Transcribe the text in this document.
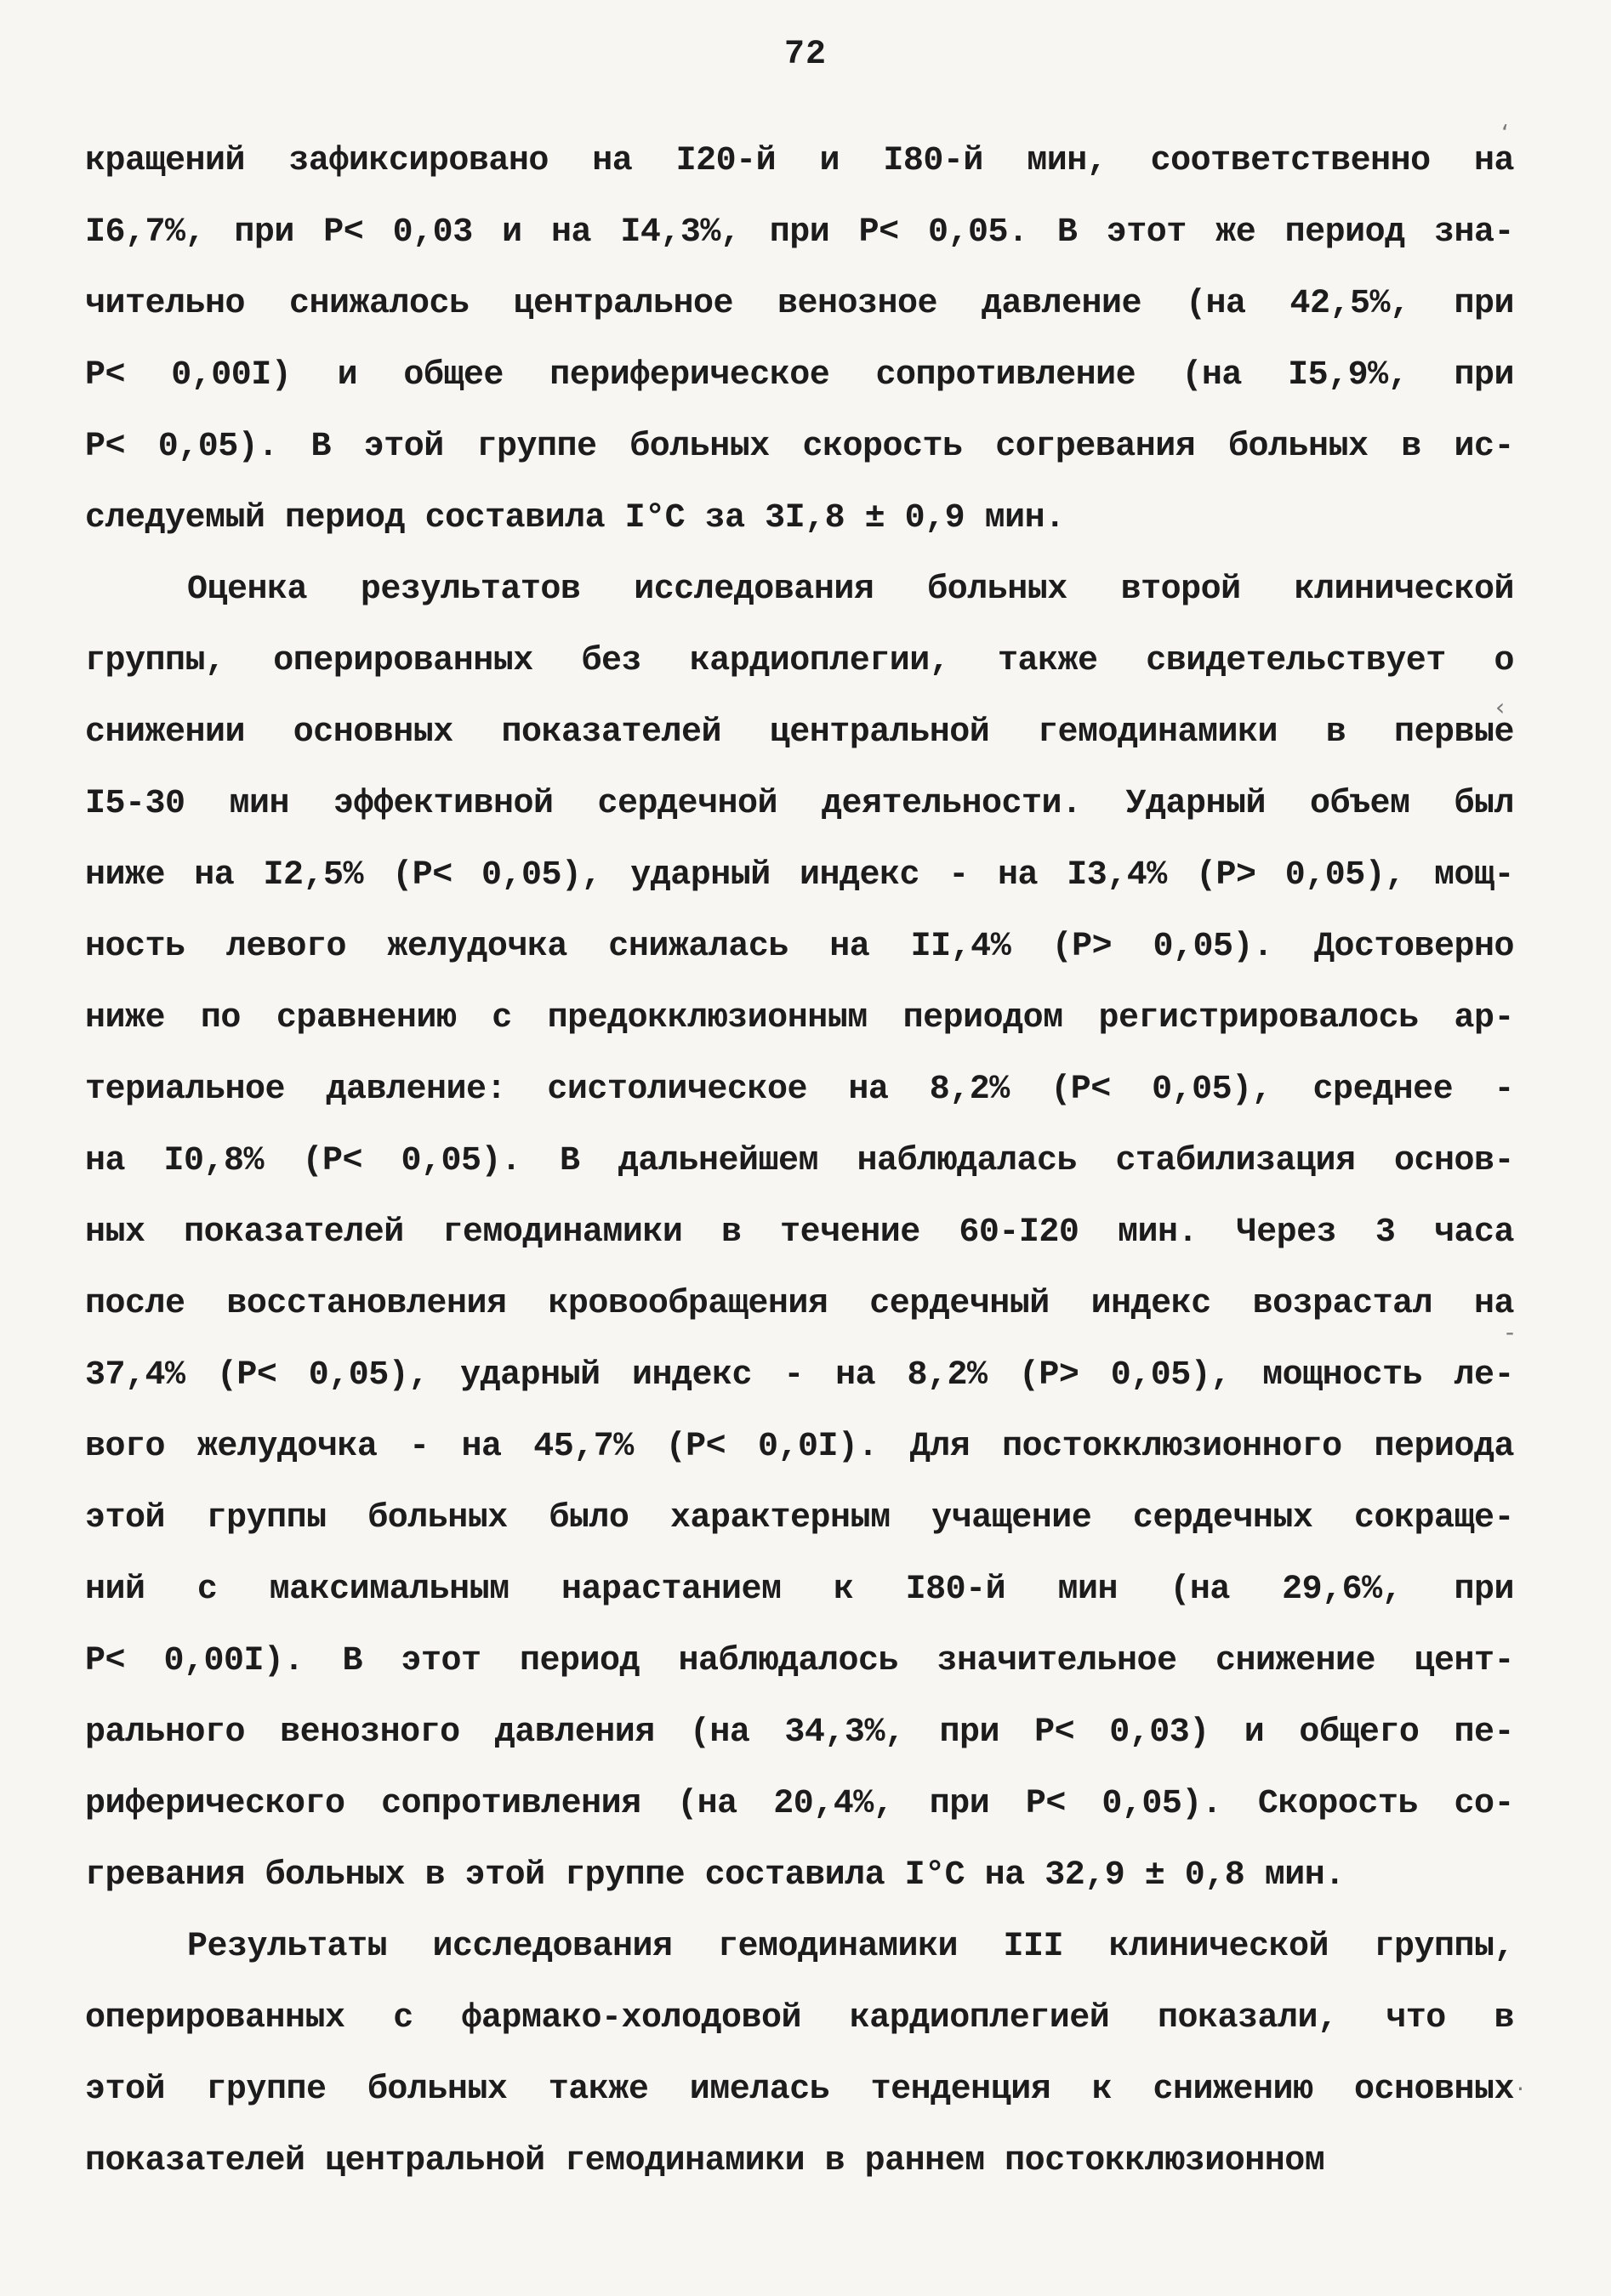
72
кращений зафиксировано на I20-й и I80-й мин, соответственно на
I6,7%, при P< 0,03 и на I4,3%, при P< 0,05. В этот же период зна-
чительно снижалось центральное венозное давление (на 42,5%, при
P< 0,00I) и общее периферическое сопротивление (на I5,9%, при
P< 0,05). В этой группе больных скорость согревания больных в ис-
следуемый период составила I°C за 3I,8 ± 0,9 мин.
Оценка результатов исследования больных второй клинической
группы, оперированных без кардиоплегии, также свидетельствует о
снижении основных показателей центральной гемодинамики в первые
I5-30 мин эффективной сердечной деятельности. Ударный объем был
ниже на I2,5% (P< 0,05), ударный индекс - на I3,4% (P> 0,05), мощ-
ность левого желудочка снижалась на II,4% (P> 0,05). Достоверно
ниже по сравнению с предокклюзионным периодом регистрировалось ар-
териальное давление: систолическое на 8,2% (P< 0,05), среднее -
на I0,8% (P< 0,05). В дальнейшем наблюдалась стабилизация основ-
ных показателей гемодинамики в течение 60-I20 мин. Через 3 часа
после восстановления кровообращения сердечный индекс возрастал на
37,4% (P< 0,05), ударный индекс - на 8,2% (P> 0,05), мощность ле-
вого желудочка - на 45,7% (P< 0,0I). Для постокклюзионного периода
этой группы больных было характерным учащение сердечных сокраще-
ний с максимальным нарастанием к I80-й мин (на 29,6%, при
P< 0,00I). В этот период наблюдалось значительное снижение цент-
рального венозного давления (на 34,3%, при P< 0,03) и общего пе-
риферического сопротивления (на 20,4%, при P< 0,05). Скорость со-
гревания больных в этой группе составила I°C на 32,9 ± 0,8 мин.
Результаты исследования гемодинамики III клинической группы,
оперированных с фармако-холодовой кардиоплегией показали, что в
этой группе больных также имелась тенденция к снижению основных
показателей центральной гемодинамики в раннем постокклюзионном
‘
‹
‐
·
